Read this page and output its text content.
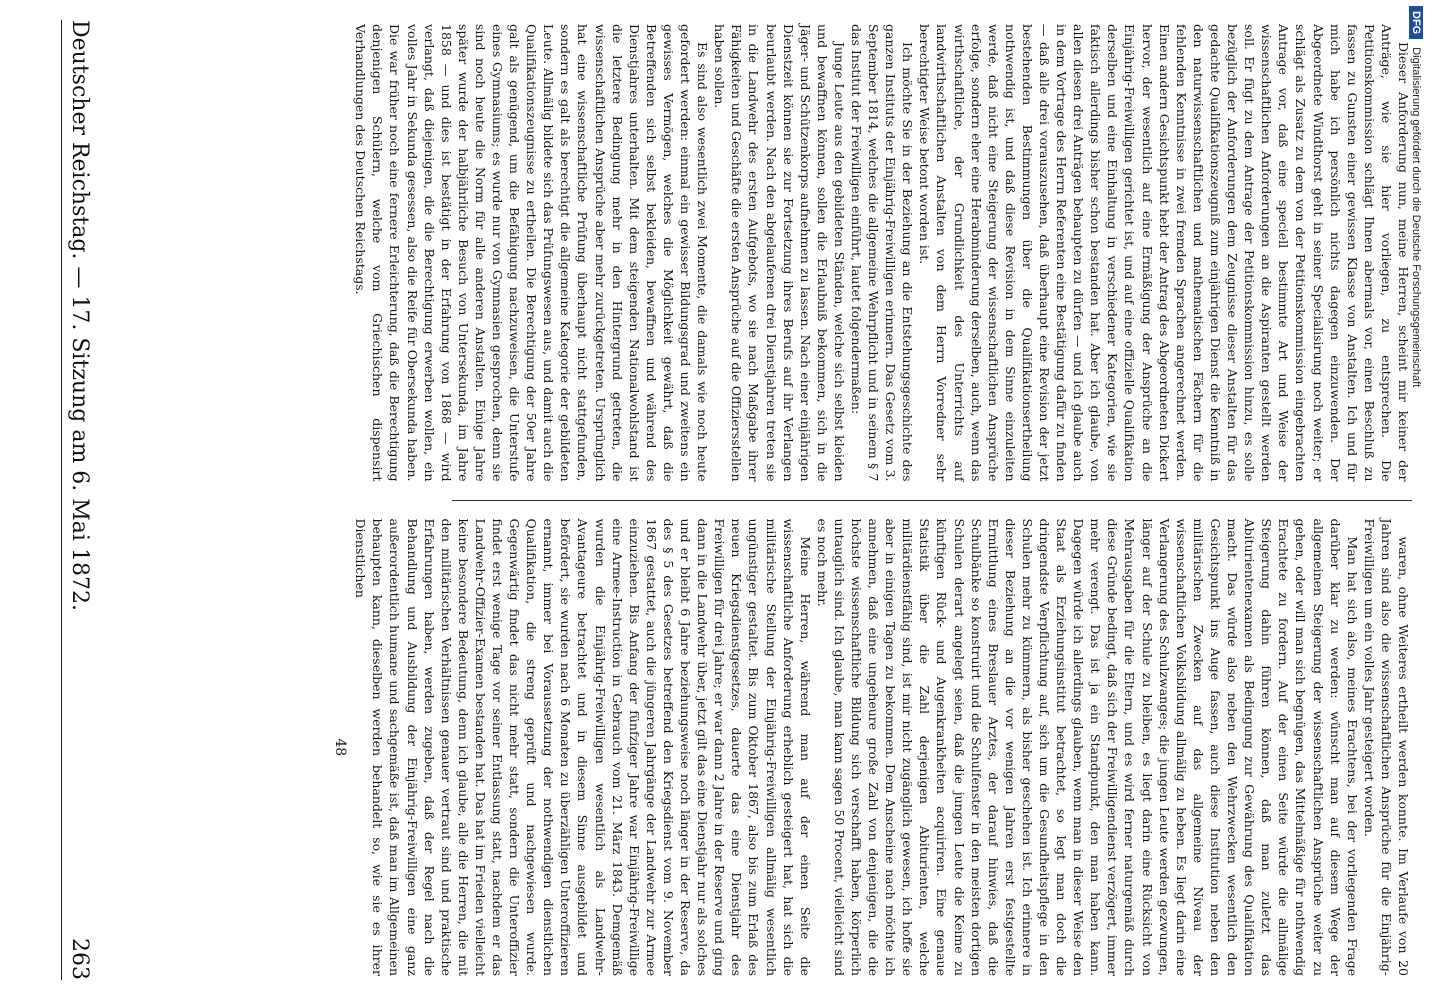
Dieser Anforderung nun, meine Herren, scheint mir keiner der Anträge, wie sie hier vorliegen, zu entsprechen. Die Petitionskommission schlägt Ihnen abermals vor, einen Beschluß zu fassen zu Gunsten einer gewissen Klasse von Anstalten. Ich und für mich habe ich persönlich nichts dagegen einzuwenden. Der Abgeordnete Windthorst geht in seiner Specialisirung noch weiter; er schlägt als Zusatz zu dem von der Petitionskommission eingebrachten Antrage vor, daß eine speciell bestimmte Art und Weise der wissenschaftlichen Anforderungen an die Aspiranten gestellt werden soll. Er fügt zu dem Antrage der Petitionskommission hinzu, es solle bezüglich der Anforderungen dem Zeugnisse dieser Anstalten für das gedachte Qualifikationszeugniß zum einjährigen Dienst die Kenntniß in den naturwissenschaftlichen und mathematischen Fächern für die fehlenden Kenntnisse in zwei fremden Sprachen angerechnet werden. Einen andern Gesichtspunkt hebt der Antrag des Abgeordneten Dickert hervor, der wesentlich auf eine Ermäßigung der Ansprüche an die Einjährig-Freiwilligen gerichtet ist, und auf eine offizielle Qualifikation derselben und eine Einhaltung in verschiedener Kategorien, wie sie faktisch allerdings bisher schon bestanden hat. Aber ich glaube, von allen diesen drei Anträgen behaupten zu dürfen — und ich glaube auch in dem Vortrage des Herrn Referenten eine Bestätigung dafür zu finden — daß alle drei vorauszusehen, daß überhaupt eine Revision der jetzt bestehenden Bestimmungen über die Qualifikationsertheilung nothwendig ist, und daß diese Revision in dem Sinne einzuleiten werde, daß nicht eine Steigerung der wissenschaftlichen Ansprüche erfolge, sondern eher eine Herabminderung derselben, auch, wenn das wirthschaftliche, der Grundlichkeit des Unterrichts auf landwirthschaftlichen Anstalten von dem Herrn Vorredner sehr berechtigter Weise betont worden ist.

Ich möchte Sie in der Beziehung an die Entstehungsgeschichte des ganzen Instituts der Einjährig-Freiwilligen erinnern. Das Gesetz vom 3. September 1814, welches die allgemeine Wehrpflicht und in seinem § 7 das Institut der Freiwilligen einführt, lautet folgendermaßen:

Junge Leute aus den gebildeten Ständen, welche sich selbst kleiden und bewaffnen können, sollen die Erlaubniß bekommen, sich in die Jäger- und Schützenkorps aufnehmen zu lassen. Nach einer einjährigen Dienstzeit können sie zur Fortsetzung ihres Berufs auf ihr Verlangen beurlaubt werden. Nach den abgelaufenen drei Dienstjahren treten sie in die Landwehr des ersten Aufgebots, wo sie nach Maßgabe ihrer Fähigkeiten und Geschäfte die ersten Ansprüche auf die Offiziersstellen haben sollen.

Es sind also wesentlich zwei Momente, die damals wie noch heute gefordert werden: einmal ein gewisser Bildungsgrad und zweitens ein gewisses Vermögen, welches die Möglichkeit gewährt, daß die Betreffenden sich selbst bekleiden, bewaffnen und während des Dienstjahres unterhalten. Mit dem steigenden Nationalwohlstand ist die letztere Bedingung mehr in den Hintergrund getreten, die wissenschaftlichen Ansprüche aber mehr zurückgetreten. Ursprünglich hat eine wissenschaftliche Prüfung überhaupt nicht stattgefunden, sondern es galt als berechtigt die allgemeine Kategorie der gebildeten Leute. Allmälig bildete sich das Prüfungswesen aus, und damit auch die Qualifikationszeugnisse zu ertheilen. Die Berechtigung der 50er Jahre galt als genügend, um die Befähigung nachzuweisen, die Unterstufe eines Gymnasiums; es wurde nur von Gymnasien gesprochen, denn sie sind noch heute die Norm für alle anderen Anstalten. Einige Jahre später wurde der halbjährliche Besuch von Untersekunda, im Jahre 1858 — und dies ist bestätigt in der Erfahrung von 1868 — wird verlangt, daß diejenigen, die die Berechtigung erwerben wollen, ein volles Jahr in Sekunda gesessen, also die Reife für Obersekunda haben. Die war früher noch eine fernere Erleichterung, daß die Berechtigung denjenigen Schülern, welche vom Griechischen dispensirt Verhandlungen des Deutschen Reichstags.

waren, ohne Weiteres ertheilt werden konnte. Im Verlaufe von 20 Jahren sind also die wissenschaftlichen Ansprüche für die Einjährig-Freiwilligen um ein volles Jahr gesteigert worden.

Man hat sich also, meines Erachtens, bei der vorliegenden Frage darüber klar zu werden: wünscht man auf diesem Wege der allgemeinen Steigerung der wissenschaftlichen Ansprüche weiter zu gehen, oder will man sich begnügen, das Mittelmäßige für nothwendig Erachtete zu fordern. Auf der einen Seite würde die allmälige Steigerung dahin führen können, daß man zuletzt das Abiturientenexamen als Bedingung zur Gewährung des Qualifikation macht. Das würde also neben den Wehrzwecken wesentlich den Gesichtspunkt ins Auge fassen, auch diese Institution neben den militärischen Zwecken auf das allgemeine Niveau der wissenschaftlichen Volksbildung allmälig zu heben. Es liegt darin eine Verlangerung des Schulzwanges; die jungen Leute werden gezwungen, länger auf der Schule zu bleiben, es liegt darin eine Rücksicht von Mehrausgaben für die Eltern, und es wird ferner naturgemäß durch diese Gründe bedingt, daß sich der Freiwilligendienst verzögert, immer mehr verengt. Das ist ja ein Standpunkt, den man haben kann. Dagegen würde ich allerdings glauben, wenn man in dieser Weise den Staat als Erziehungsinstitut betrachtet, so legt man doch die dringendste Verpflichtung auf, sich um die Gesundheitspflege in den Schulen mehr zu kümmern, als bisher geschehen ist. Ich erinnere in dieser Beziehung an die vor wenigen Jahren erst festgestellte Ermittlung eines Breslauer Arztes, der darauf hinwies, daß die Schulbänke so konstruirt und die Schulfenster in den meisten dortigen Schulen derart angelegt seien, daß die jungen Leute die Keime zu künftigen Rück- und Augenkrankheiten acquiriren. Eine genaue Statistik über die Zahl derjenigen Abiturienten, welche militärdienstfähig sind, ist mir nicht zugänglich gewesen, ich hoffe sie aber in einigen Tagen zu bekommen. Dem Anscheine nach möchte ich annehmen, daß eine ungeheure große Zahl von denjenigen, die die höchste wissenschaftliche Bildung sich verschafft haben, körperlich untauglich sind. Ich glaube, man kann sagen 50 Procent, vielleicht sind es noch mehr.

Meine Herren, während man auf der einen Seite die wissenschaftliche Anforderung erheblich gesteigert hat, hat sich die militärische Stellung der Einjährig-Freiwilligen allmälig wesentlich ungünstiger gestaltet. Bis zum Oktober 1867, also bis zum Erlaß des neuen Kriegsdienstgesetzes, dauerte das eine Dienstjahr des Freiwilligen für drei Jahre; er war dann 2 Jahre in der Reserve und ging dann in die Landwehr über, jetzt gilt das eine Dienstjahr nur als solches und er bleibt 6 Jahre beziehungsweise noch länger in der Reserve, da des § 5 des Gesetzes betreffend den Kriegsdienst vom 9. November 1867 gestattet, auch die jüngeren Jahrgänge der Landwehr zur Armee einzuziehen. Bis Anfang der fünfziger Jahre war Einjährig-Freiwillige eine Armee-Instruction in Gebrauch vom 21. März 1843. Demgemäß wurden die Einjährig-Freiwilligen wesentlich als Landwehr-Avantageure betrachtet und in diesem Sinne ausgebildet und befördert, sie wurden nach 6 Monaten zu überzähligen Unteroffizieren ernannt, immer bei Voraussetzung der nothwendigen dienstlichen Qualifikation, die streng geprüft und nachgewiesen wurde. Gegenwärtig findet das nicht mehr statt, sondern die Unteroffizier findet erst wenige Tage vor seiner Entlassung statt, nachdem er das Landwehr-Offizier-Examen bestanden hat. Das hat im Frieden vielleicht keine besondere Bedeutung, denn ich glaube, alle die Herren, die mit den militärischen Verhältnissen genauer vertraut sind und praktische Erfahrungen haben, werden zugeben, daß der Regel nach die Behandlung und Ausbildung der Einjährig-Freiwilligen eine ganz außerordentlich humane und sachgemäße ist, daß man im Allgemeinen behaupten kann, dieselben werden behandelt so, wie sie es ihrer Dienstlichen

48
Deutscher Reichstag. — 17. Sitzung am 6. Mai 1872.
263
DFG
Digitalisierung gefördert durch die Deutsche Forschungsgemeinschaft
